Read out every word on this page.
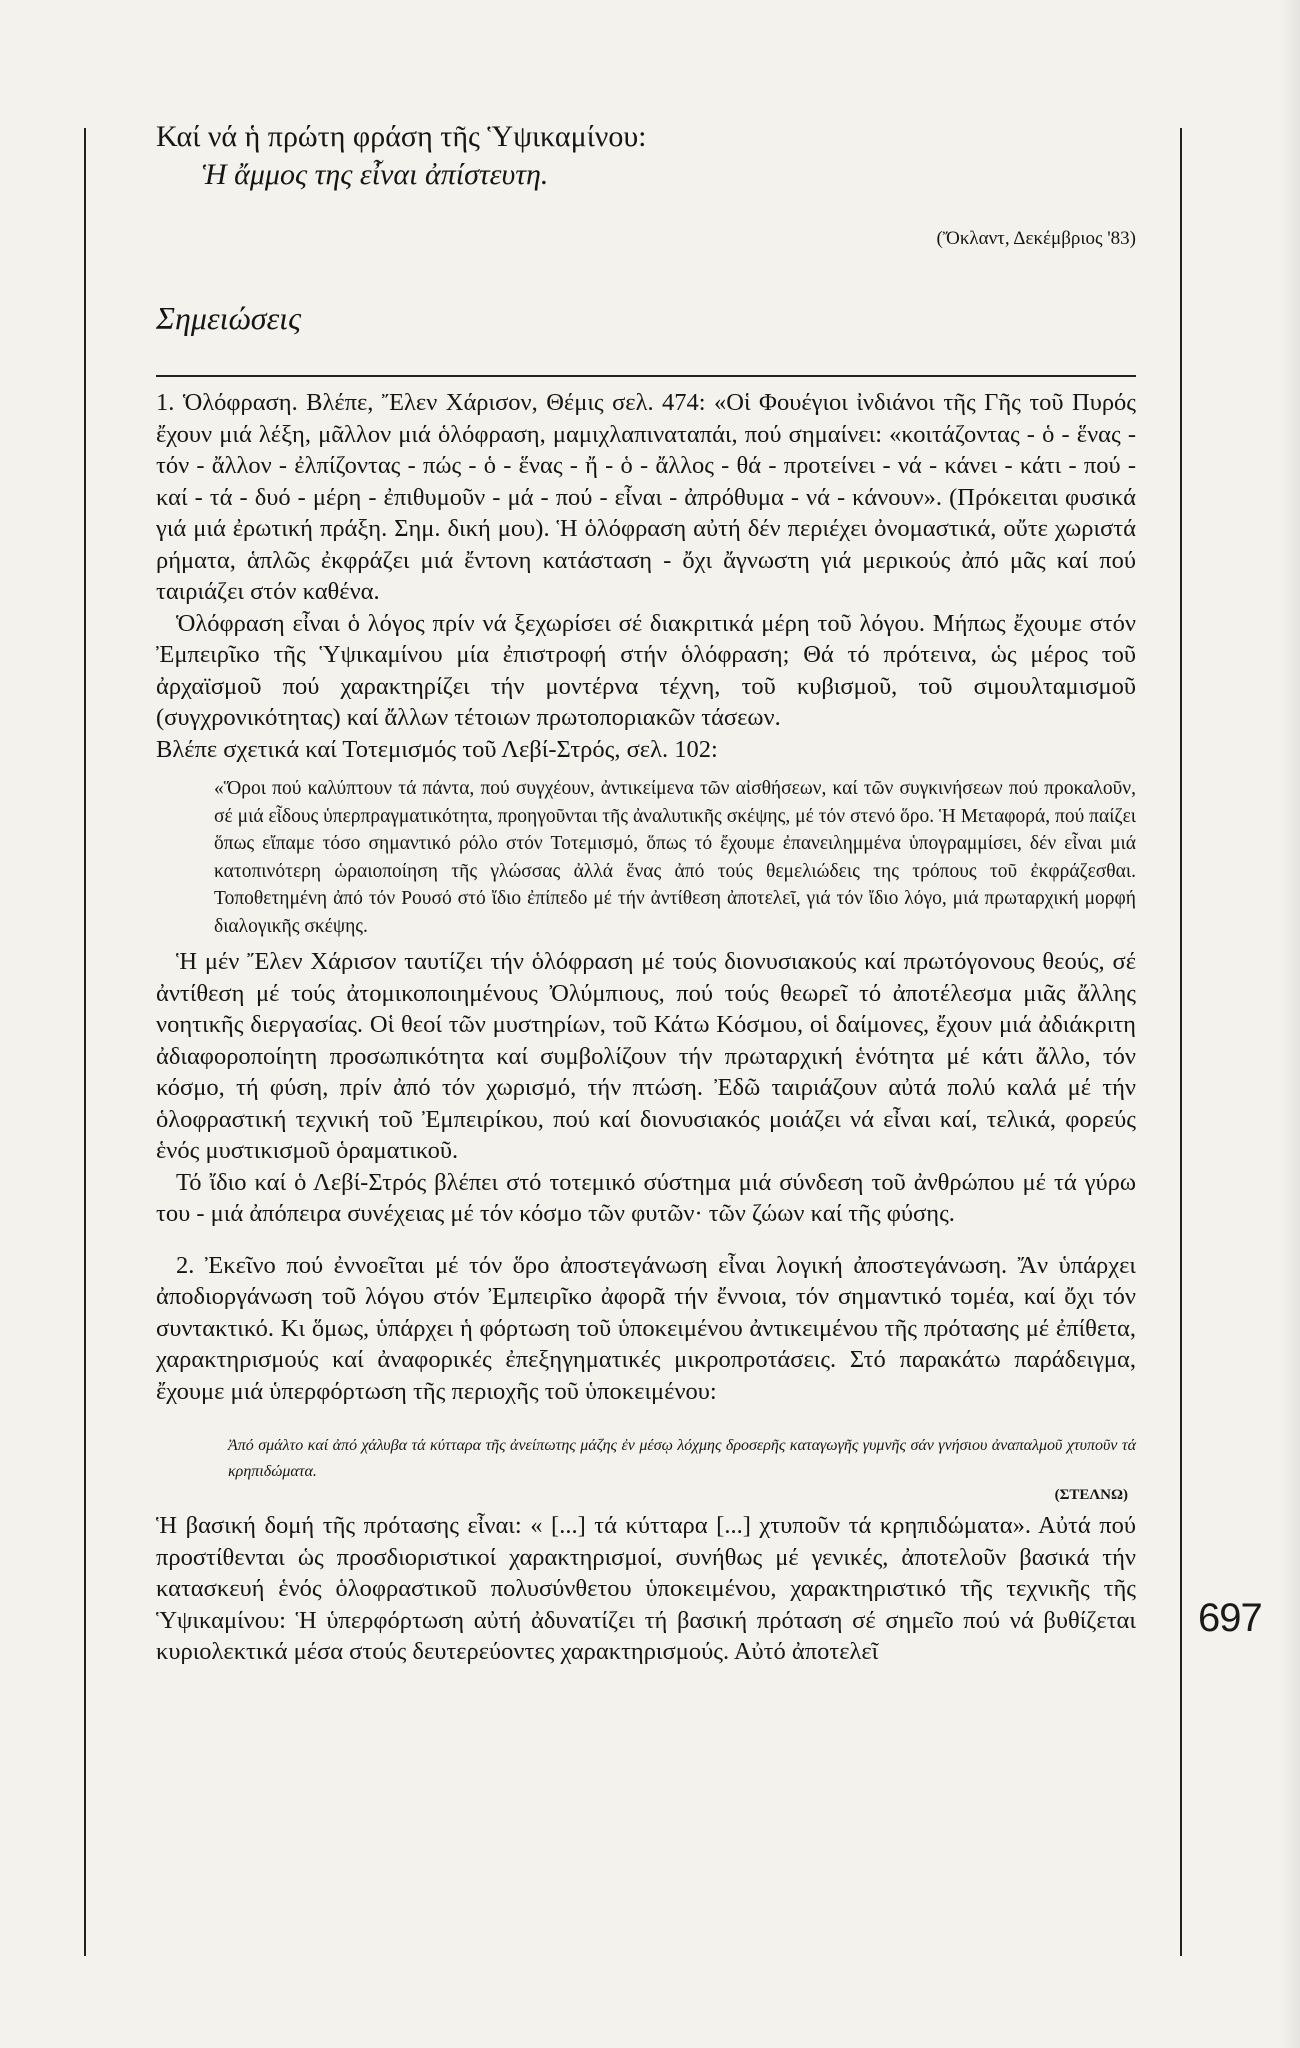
Καί νά ἡ πρώτη φράση τῆς Ὑψικαμίνου:

Ἡ ἄμμος της εἶναι ἀπίστευτη.

(Ὄκλαντ, Δεκέμβριος '83)

Σημειώσεις

1. Ὁλόφραση. Βλέπε, Ἔλεν Χάρισον, Θέμις σελ. 474: «Οἱ Φουέγιοι ἰνδιάνοι τῆς Γῆς τοῦ Πυρός ἔχουν μιά λέξη, μᾶλλον μιά ὁλόφραση, μαμιχλαπιναταπάι, πού σημαίνει: «κοιτάζοντας - ὁ - ἕνας - τόν - ἄλλον - ἐλπίζοντας - πώς - ὁ - ἕνας - ἤ - ὁ - ἄλλος - θά - προτείνει - νά - κάνει - κάτι - πού - καί - τά - δυό - μέρη - ἐπιθυμοῦν - μά - πού - εἶναι - ἀπρόθυμα - νά - κάνουν». (Πρόκειται φυσικά γιά μιά ἐρωτική πράξη. Σημ. δική μου). Ἡ ὁλόφραση αὐτή δέν περιέχει ὀνομαστικά, οὔτε χωριστά ρήματα, ἁπλῶς ἐκφράζει μιά ἔντονη κατάσταση - ὄχι ἄγνωστη γιά μερικούς ἀπό μᾶς καί πού ταιριάζει στόν καθένα.

Ὁλόφραση εἶναι ὁ λόγος πρίν νά ξεχωρίσει σέ διακριτικά μέρη τοῦ λόγου. Μήπως ἔχουμε στόν Ἐμπειρῖκο τῆς Ὑψικαμίνου μία ἐπιστροφή στήν ὁλόφραση; Θά τό πρότεινα, ὡς μέρος τοῦ ἀρχαϊσμοῦ πού χαρακτηρίζει τήν μοντέρνα τέχνη, τοῦ κυβισμοῦ, τοῦ σιμουλταμισμοῦ (συγχρονικότητας) καί ἄλλων τέτοιων πρωτοποριακῶν τάσεων.

Βλέπε σχετικά καί Τοτεμισμός τοῦ Λεβί-Στρός, σελ. 102:

«Ὅροι πού καλύπτουν τά πάντα, πού συγχέουν, ἀντικείμενα τῶν αἰσθήσεων, καί τῶν συγκινήσεων πού προκαλοῦν, σέ μιά εἶδους ὑπερπραγματικότητα, προηγοῦνται τῆς ἀναλυτικῆς σκέψης, μέ τόν στενό ὅρο. Ἡ Μεταφορά, πού παίζει ὅπως εἴπαμε τόσο σημαντικό ρόλο στόν Τοτεμισμό, ὅπως τό ἔχουμε ἐπανειλημμένα ὑπογραμμίσει, δέν εἶναι μιά κατοπινότερη ὡραιοποίηση τῆς γλώσσας ἀλλά ἕνας ἀπό τούς θεμελιώδεις της τρόπους τοῦ ἐκφράζεσθαι. Τοποθετημένη ἀπό τόν Ρουσό στό ἴδιο ἐπίπεδο μέ τήν ἀντίθεση ἀποτελεῖ, γιά τόν ἴδιο λόγο, μιά πρωταρχική μορφή διαλογικῆς σκέψης.

Ἡ μέν Ἔλεν Χάρισον ταυτίζει τήν ὁλόφραση μέ τούς διονυσιακούς καί πρωτόγονους θεούς, σέ ἀντίθεση μέ τούς ἀτομικοποιημένους Ὀλύμπιους, πού τούς θεωρεῖ τό ἀποτέλεσμα μιᾶς ἄλλης νοητικῆς διεργασίας. Οἱ θεοί τῶν μυστηρίων, τοῦ Κάτω Κόσμου, οἱ δαίμονες, ἔχουν μιά ἀδιάκριτη ἀδιαφοροποίητη προσωπικότητα καί συμβολίζουν τήν πρωταρχική ἑνότητα μέ κάτι ἄλλο, τόν κόσμο, τή φύση, πρίν ἀπό τόν χωρισμό, τήν πτώση. Ἐδῶ ταιριάζουν αὐτά πολύ καλά μέ τήν ὁλοφραστική τεχνική τοῦ Ἐμπειρίκου, πού καί διονυσιακός μοιάζει νά εἶναι καί, τελικά, φορεύς ἑνός μυστικισμοῦ ὁραματικοῦ.

Τό ἴδιο καί ὁ Λεβί-Στρός βλέπει στό τοτεμικό σύστημα μιά σύνδεση τοῦ ἀνθρώπου μέ τά γύρω του - μιά ἀπόπειρα συνέχειας μέ τόν κόσμο τῶν φυτῶν· τῶν ζώων καί τῆς φύσης.

2. Ἐκεῖνο πού ἐννοεῖται μέ τόν ὅρο ἀποστεγάνωση εἶναι λογική ἀποστεγάνωση. Ἄν ὑπάρχει ἀποδιοργάνωση τοῦ λόγου στόν Ἐμπειρῖκο ἀφορᾶ τήν ἔννοια, τόν σημαντικό τομέα, καί ὄχι τόν συντακτικό. Κι ὅμως, ὑπάρχει ἡ φόρτωση τοῦ ὑποκειμένου ἀντικειμένου τῆς πρότασης μέ ἐπίθετα, χαρακτηρισμούς καί ἀναφορικές ἐπεξηγηματικές μικροπροτάσεις. Στό παρακάτω παράδειγμα, ἔχουμε μιά ὑπερφόρτωση τῆς περιοχῆς τοῦ ὑποκειμένου:

Ἀπό σμάλτο καί ἀπό χάλυβα τά κύτταρα τῆς ἀνείπωτης μάζης ἐν μέσῳ λόχμης δροσερῆς καταγωγῆς γυμνῆς σάν γνήσιου ἀναπαλμοῦ χτυποῦν τά κρηπιδώματα.

(ΣΤΕΛΝΩ)

Ἡ βασική δομή τῆς πρότασης εἶναι: « [...] τά κύτταρα [...] χτυποῦν τά κρηπιδώματα». Αὐτά πού προστίθενται ὡς προσδιοριστικοί χαρακτηρισμοί, συνήθως μέ γενικές, ἀποτελοῦν βασικά τήν κατασκευή ἑνός ὁλοφραστικοῦ πολυσύνθετου ὑποκειμένου, χαρακτηριστικό τῆς τεχνικῆς τῆς Ὑψικαμίνου: Ἡ ὑπερφόρτωση αὐτή ἀδυνατίζει τή βασική πρόταση σέ σημεῖο πού νά βυθίζεται κυριολεκτικά μέσα στούς δευτερεύοντες χαρακτηρισμούς. Αὐτό ἀποτελεῖ

697
